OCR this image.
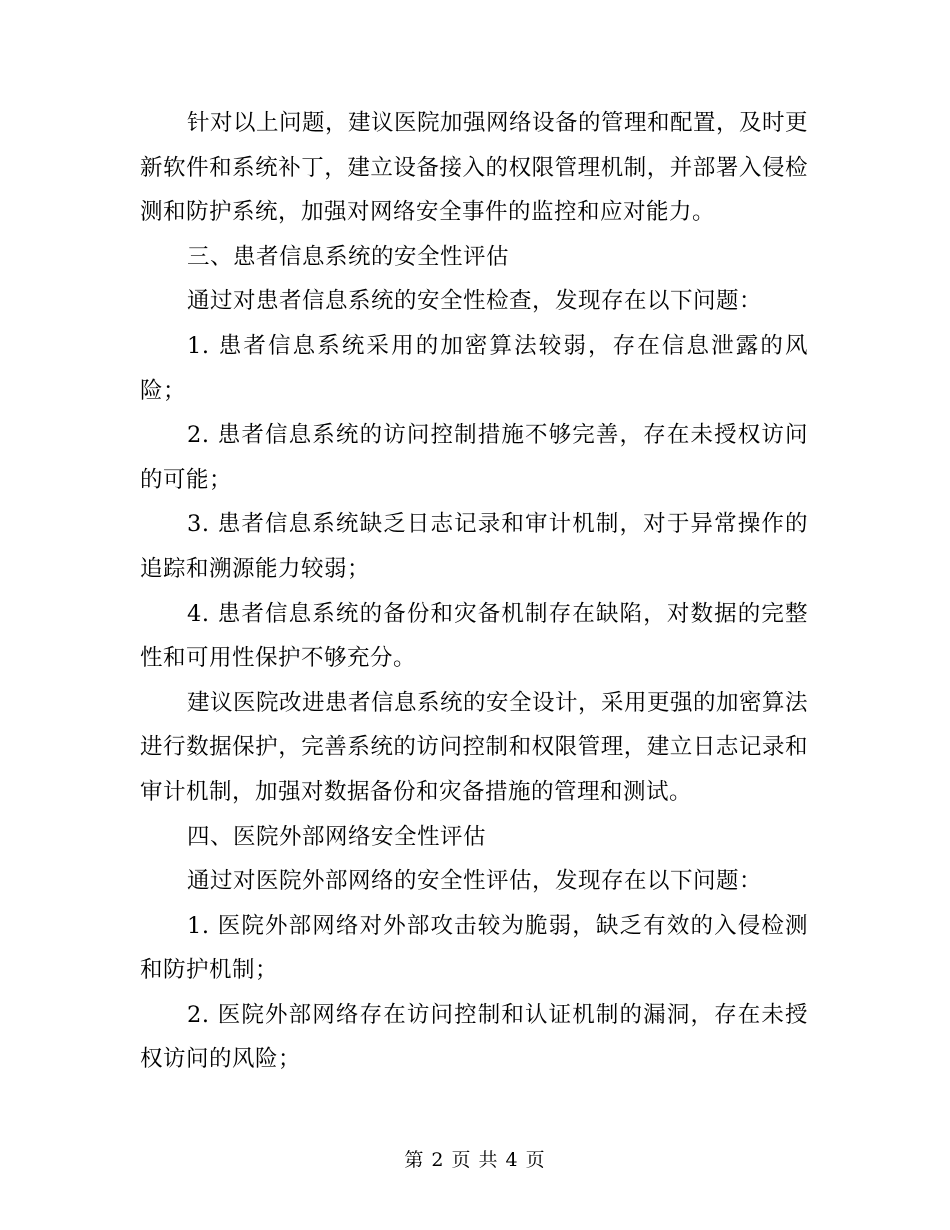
针对以上问题，建议医院加强网络设备的管理和配置，及时更新软件和系统补丁，建立设备接入的权限管理机制，并部署入侵检测和防护系统，加强对网络安全事件的监控和应对能力。

三、患者信息系统的安全性评估

通过对患者信息系统的安全性检查，发现存在以下问题：

1. 患者信息系统采用的加密算法较弱，存在信息泄露的风险；

2. 患者信息系统的访问控制措施不够完善，存在未授权访问的可能；

3. 患者信息系统缺乏日志记录和审计机制，对于异常操作的追踪和溯源能力较弱；

4. 患者信息系统的备份和灾备机制存在缺陷，对数据的完整性和可用性保护不够充分。

建议医院改进患者信息系统的安全设计，采用更强的加密算法进行数据保护，完善系统的访问控制和权限管理，建立日志记录和审计机制，加强对数据备份和灾备措施的管理和测试。

四、医院外部网络安全性评估

通过对医院外部网络的安全性评估，发现存在以下问题：

1. 医院外部网络对外部攻击较为脆弱，缺乏有效的入侵检测和防护机制；

2. 医院外部网络存在访问控制和认证机制的漏洞，存在未授权访问的风险；

第 2 页 共 4 页
